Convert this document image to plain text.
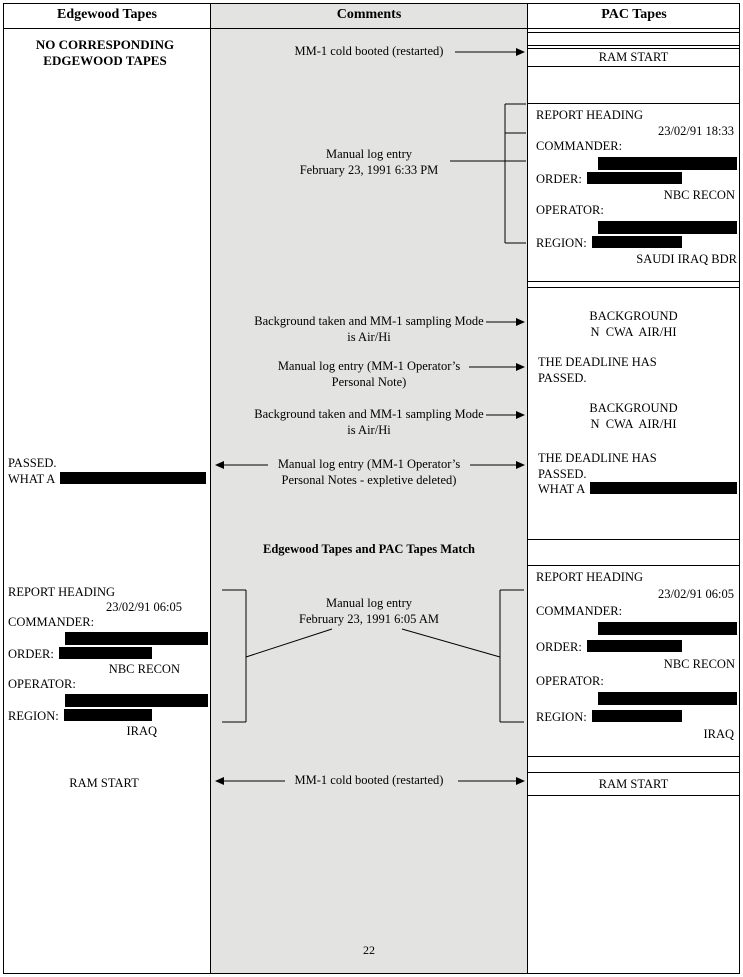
Edgewood Tapes	Comments	PAC Tapes
NO CORRESPONDING
EDGEWOOD TAPES
PASSED.
WHAT A
REPORT HEADING
23/02/91 06:05
COMMANDER:
ORDER:
NBC RECON
OPERATOR:
REGION:
IRAQ
RAM START
MM-1 cold booted (restarted)
Manual log entry
February 23, 1991 6:33 PM
Background taken and MM-1 sampling Mode
is Air/Hi
Manual log entry (MM-1 Operator’s
Personal Note)
Background taken and MM-1 sampling Mode
is Air/Hi
Manual log entry (MM-1 Operator’s
Personal Notes - expletive deleted)
Edgewood Tapes and PAC Tapes Match
Manual log entry
February 23, 1991 6:05 AM
MM-1 cold booted (restarted)
22
RAM START
REPORT HEADING
23/02/91 18:33
COMMANDER:
ORDER:
NBC RECON
OPERATOR:
REGION:
SAUDI IRAQ BDR
BACKGROUND
N  CWA  AIR/HI
THE DEADLINE HAS
PASSED.
BACKGROUND
N  CWA  AIR/HI
THE DEADLINE HAS
PASSED.
WHAT A
REPORT HEADING
23/02/91 06:05
COMMANDER:
ORDER:
NBC RECON
OPERATOR:
REGION:
IRAQ
RAM START
